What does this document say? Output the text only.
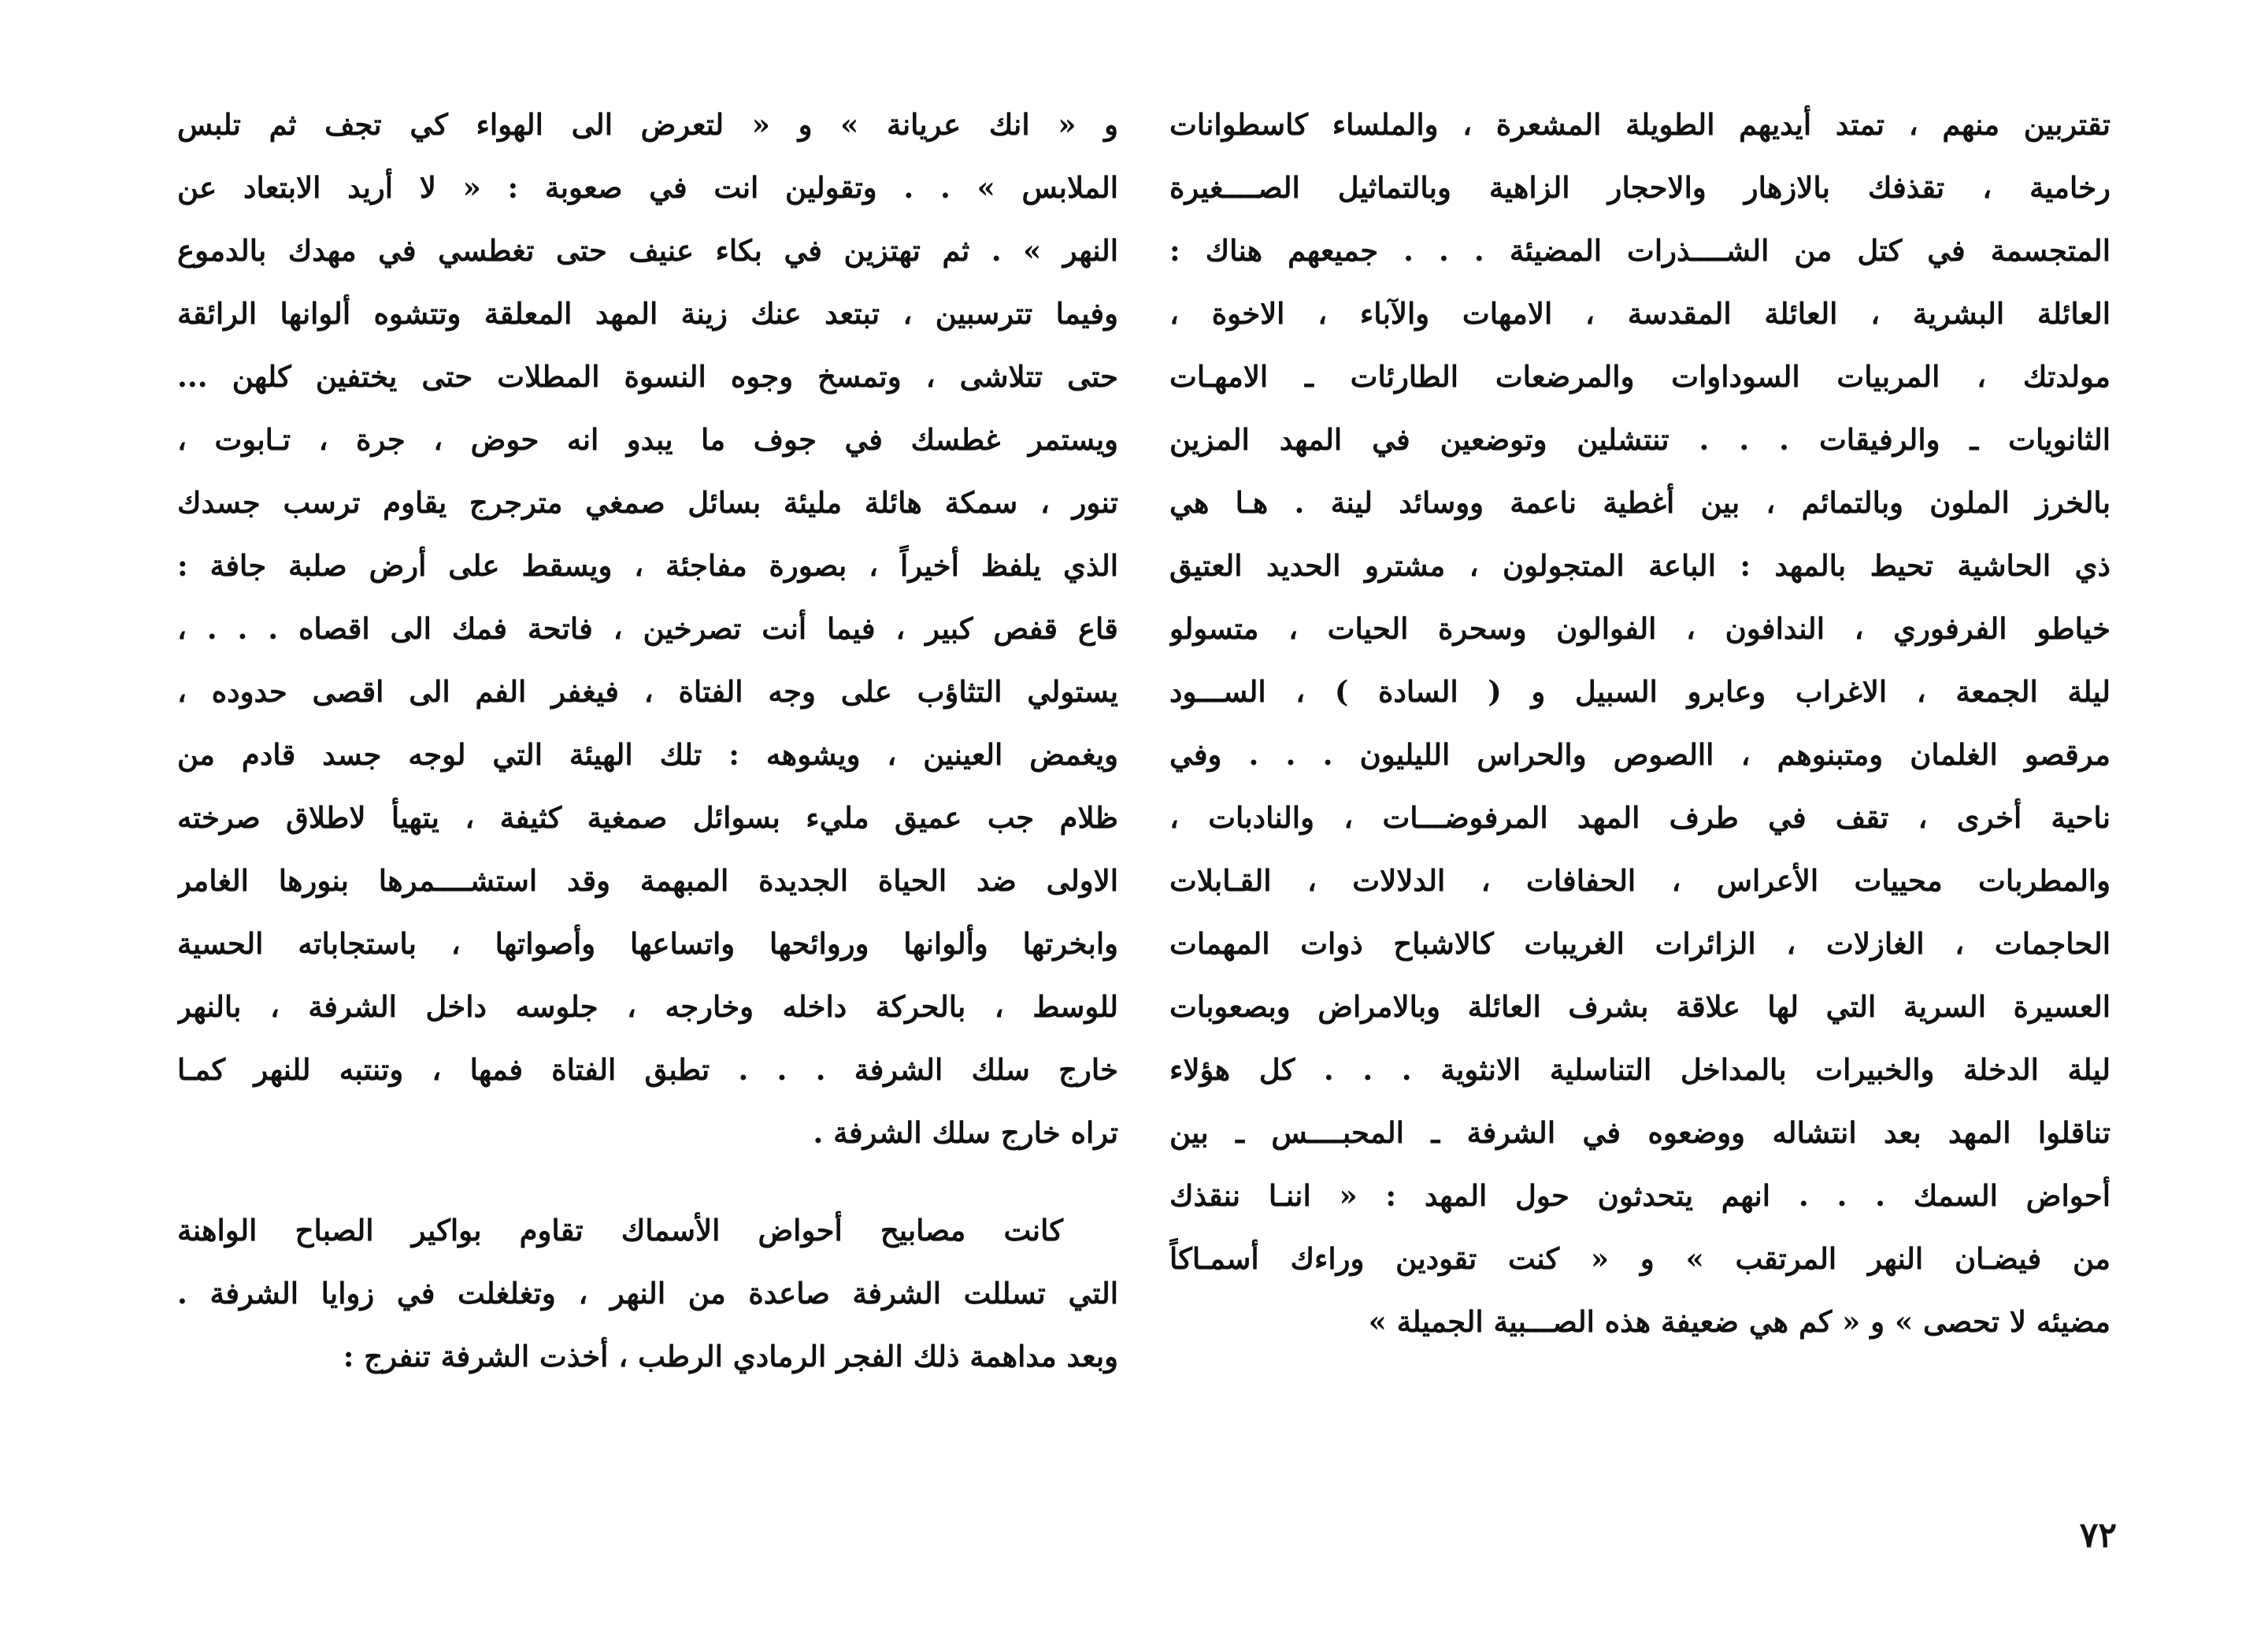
تقتربين منهم ، تمتد أيديهم الطويلة المشعرة ، والملساء كاسطوانات
رخامية ، تقذفك بالازهار والاحجار الزاهية وبالتماثيل الصــــغيرة
المتجسمة في كتل من الشــــذرات المضيئة . . . جميعهم هناك :
العائلة البشرية ، العائلة المقدسة ، الامهات والآباء ، الاخوة ،
مولدتك ، المربيات السوداوات والمرضعات الطارئات ـ الامهـات
الثانويات ـ والرفيقات . . . تنتشلين وتوضعين في المهد المزين
بالخرز الملون وبالتمائم ، بين أغطية ناعمة ووسائد لينة . هـا هي
ذي الحاشية تحيط بالمهد : الباعة المتجولون ، مشترو الحديد العتيق
خياطو الفرفوري ، الندافون ، الفوالون وسحرة الحيات ، متسولو
ليلة الجمعة ، الاغراب وعابرو السبيل و ( السادة ) ، الســـود
مرقصو الغلمان ومتبنوهم ، االصوص والحراس الليليون . . . وفي
ناحية أخرى ، تقف في طرف المهد المرفوضـــات ، والنادبات ،
والمطربات محييات الأعراس ، الحفافات ، الدلالات ، القـابلات
الحاجمات ، الغازلات ، الزائرات الغريبات كالاشباح ذوات المهمات
العسيرة السرية التي لها علاقة بشرف العائلة وبالامراض وبصعوبات
ليلة الدخلة والخبيرات بالمداخل التناسلية الانثوية . . . كل هؤلاء
تناقلوا المهد بعد انتشاله ووضعوه في الشرفة ـ المحبــــس ـ بين
أحواض السمك . . . انهم يتحدثون حول المهد : « اننـا ننقذك
من فيضـان النهر المرتقب » و « كنت تقودين وراءك أسمـاكاً
مضيئه لا تحصى » و « كم هي ضعيفة هذه الصـــبية الجميلة »
و « انك عريانة » و « لتعرض الى الهواء كي تجف ثم تلبس
الملابس » . . وتقولين انت في صعوبة : « لا أريد الابتعاد عن
النهر » . ثم تهتزين في بكاء عنيف حتى تغطسي في مهدك بالدموع
وفيما تترسبين ، تبتعد عنك زينة المهد المعلقة وتتشوه ألوانها الرائقة
حتى تتلاشى ، وتمسخ وجوه النسوة المطلات حتى يختفين كلهن ...
ويستمر غطسك في جوف ما يبدو انه حوض ، جرة ، تـابوت ،
تنور ، سمكة هائلة مليئة بسائل صمغي مترجرج يقاوم ترسب جسدك
الذي يلفظ أخيراً ، بصورة مفاجئة ، ويسقط على أرض صلبة جافة :
قاع قفص كبير ، فيما أنت تصرخين ، فاتحة فمك الى اقصاه . . . ،
يستولي التثاؤب على وجه الفتاة ، فيغفر الفم الى اقصى حدوده ،
ويغمض العينين ، ويشوهه : تلك الهيئة التي لوجه جسد قادم من
ظلام جب عميق مليء بسوائل صمغية كثيفة ، يتهيأ لاطلاق صرخته
الاولى ضد الحياة الجديدة المبهمة وقد استشــــمرها بنورها الغامر
وابخرتها وألوانها وروائحها واتساعها وأصواتها ، باستجاباته الحسية
للوسط ، بالحركة داخله وخارجه ، جلوسه داخل الشرفة ، بالنهر
خارج سلك الشرفة . . . تطبق الفتاة فمها ، وتنتبه للنهر كمـا
تراه خارج سلك الشرفة .
كانت مصابيح أحواض الأسماك تقاوم بواكير الصباح الواهنة
التي تسللت الشرفة صاعدة من النهر ، وتغلغلت في زوايا الشرفة .
وبعد مداهمة ذلك الفجر الرمادي الرطب ، أخذت الشرفة تنفرج :
٧٢
